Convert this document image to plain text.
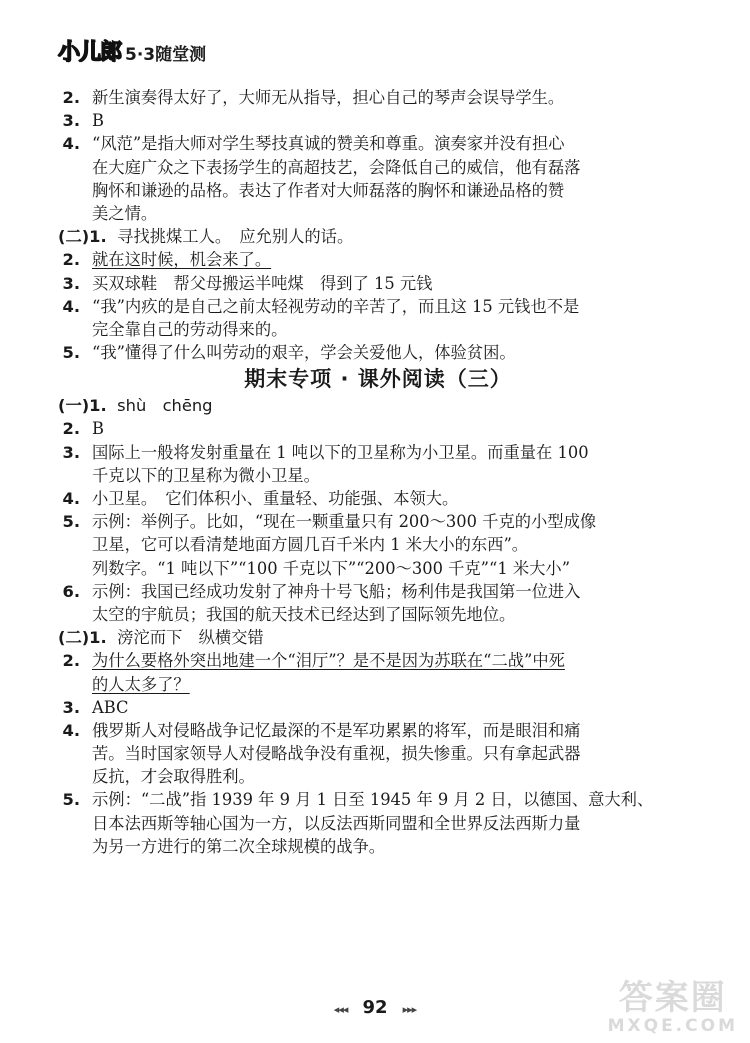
小儿郎 5·3随堂测
2. 新生演奏得太好了，大师无从指导，担心自己的琴声会误导学生。
3. B
4. “风范”是指大师对学生琴技真诚的赞美和尊重。演奏家并没有担心
在大庭广众之下表扬学生的高超技艺，会降低自己的威信，他有磊落
胸怀和谦逊的品格。表达了作者对大师磊落的胸怀和谦逊品格的赞
美之情。
(二)1. 寻找挑煤工人。　应允别人的话。
2. 就在这时候，机会来了。
3. 买双球鞋　帮父母搬运半吨煤　得到了 15 元钱
4. “我”内疚的是自己之前太轻视劳动的辛苦了，而且这 15 元钱也不是
完全靠自己的劳动得来的。
5. “我”懂得了什么叫劳动的艰辛，学会关爱他人，体验贫困。
期末专项 · 课外阅读（三）
(一)1. shù　chēng
2. B
3. 国际上一般将发射重量在 1 吨以下的卫星称为小卫星。而重量在 100
千克以下的卫星称为微小卫星。
4. 小卫星。　它们体积小、重量轻、功能强、本领大。
5. 示例：举例子。比如，“现在一颗重量只有 200～300 千克的小型成像
卫星，它可以看清楚地面方圆几百千米内 1 米大小的东西”。
列数字。“1 吨以下”“100 千克以下”“200～300 千克”“1 米大小”
6. 示例：我国已经成功发射了神舟十号飞船；杨利伟是我国第一位进入
太空的宇航员；我国的航天技术已经达到了国际领先地位。
(二)1. 滂沱而下　纵横交错
2. 为什么要格外突出地建一个“泪厅”？是不是因为苏联在“二战”中死
的人太多了？
3. ABC
4. 俄罗斯人对侵略战争记忆最深的不是军功累累的将军，而是眼泪和痛
苦。当时国家领导人对侵略战争没有重视，损失惨重。只有拿起武器
反抗，才会取得胜利。
5. 示例：“二战”指 1939 年 9 月 1 日至 1945 年 9 月 2 日，以德国、意大利、
日本法西斯等轴心国为一方，以反法西斯同盟和全世界反法西斯力量
为另一方进行的第二次全球规模的战争。
◂◂◂ 92 ▸▸▸	答案圈
MXQE.COM
